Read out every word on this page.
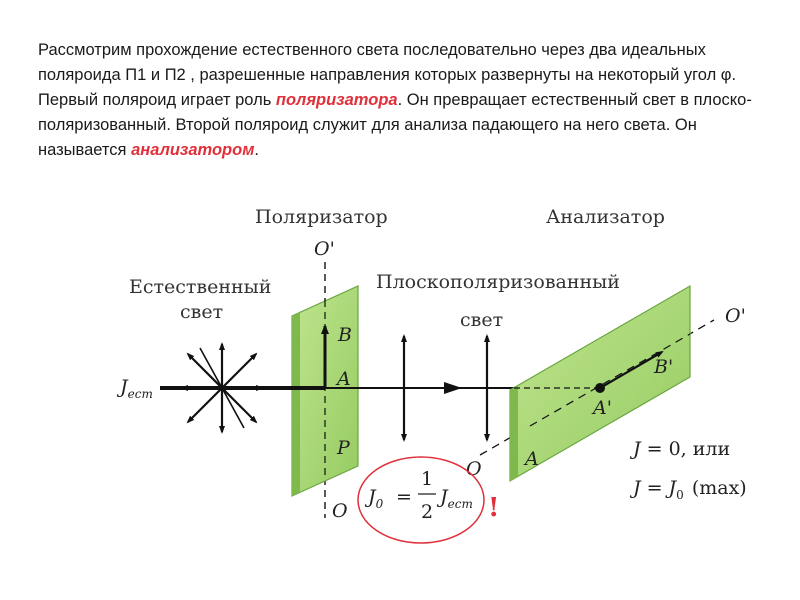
Рассмотрим прохождение естественного света последовательно через два идеальных поляроида П1 и П2 , разрешенные направления которых развернуты на некоторый угол φ. Первый поляроид играет роль поляризатора. Он превращает естественный свет в плоско-поляризованный. Второй поляроид служит для анализа падающего на него света. Он называется анализатором.
Поляризатор	Анализатор
Естественный
свет
Плоскополяризованный
свет
O'
O
B
A
P
$J_{ест}$
O
O'
B'
A'
A
$J_0$ =
1
2
$J_{ест}$ !
J = 0, или
$J = J_0$ (max)
